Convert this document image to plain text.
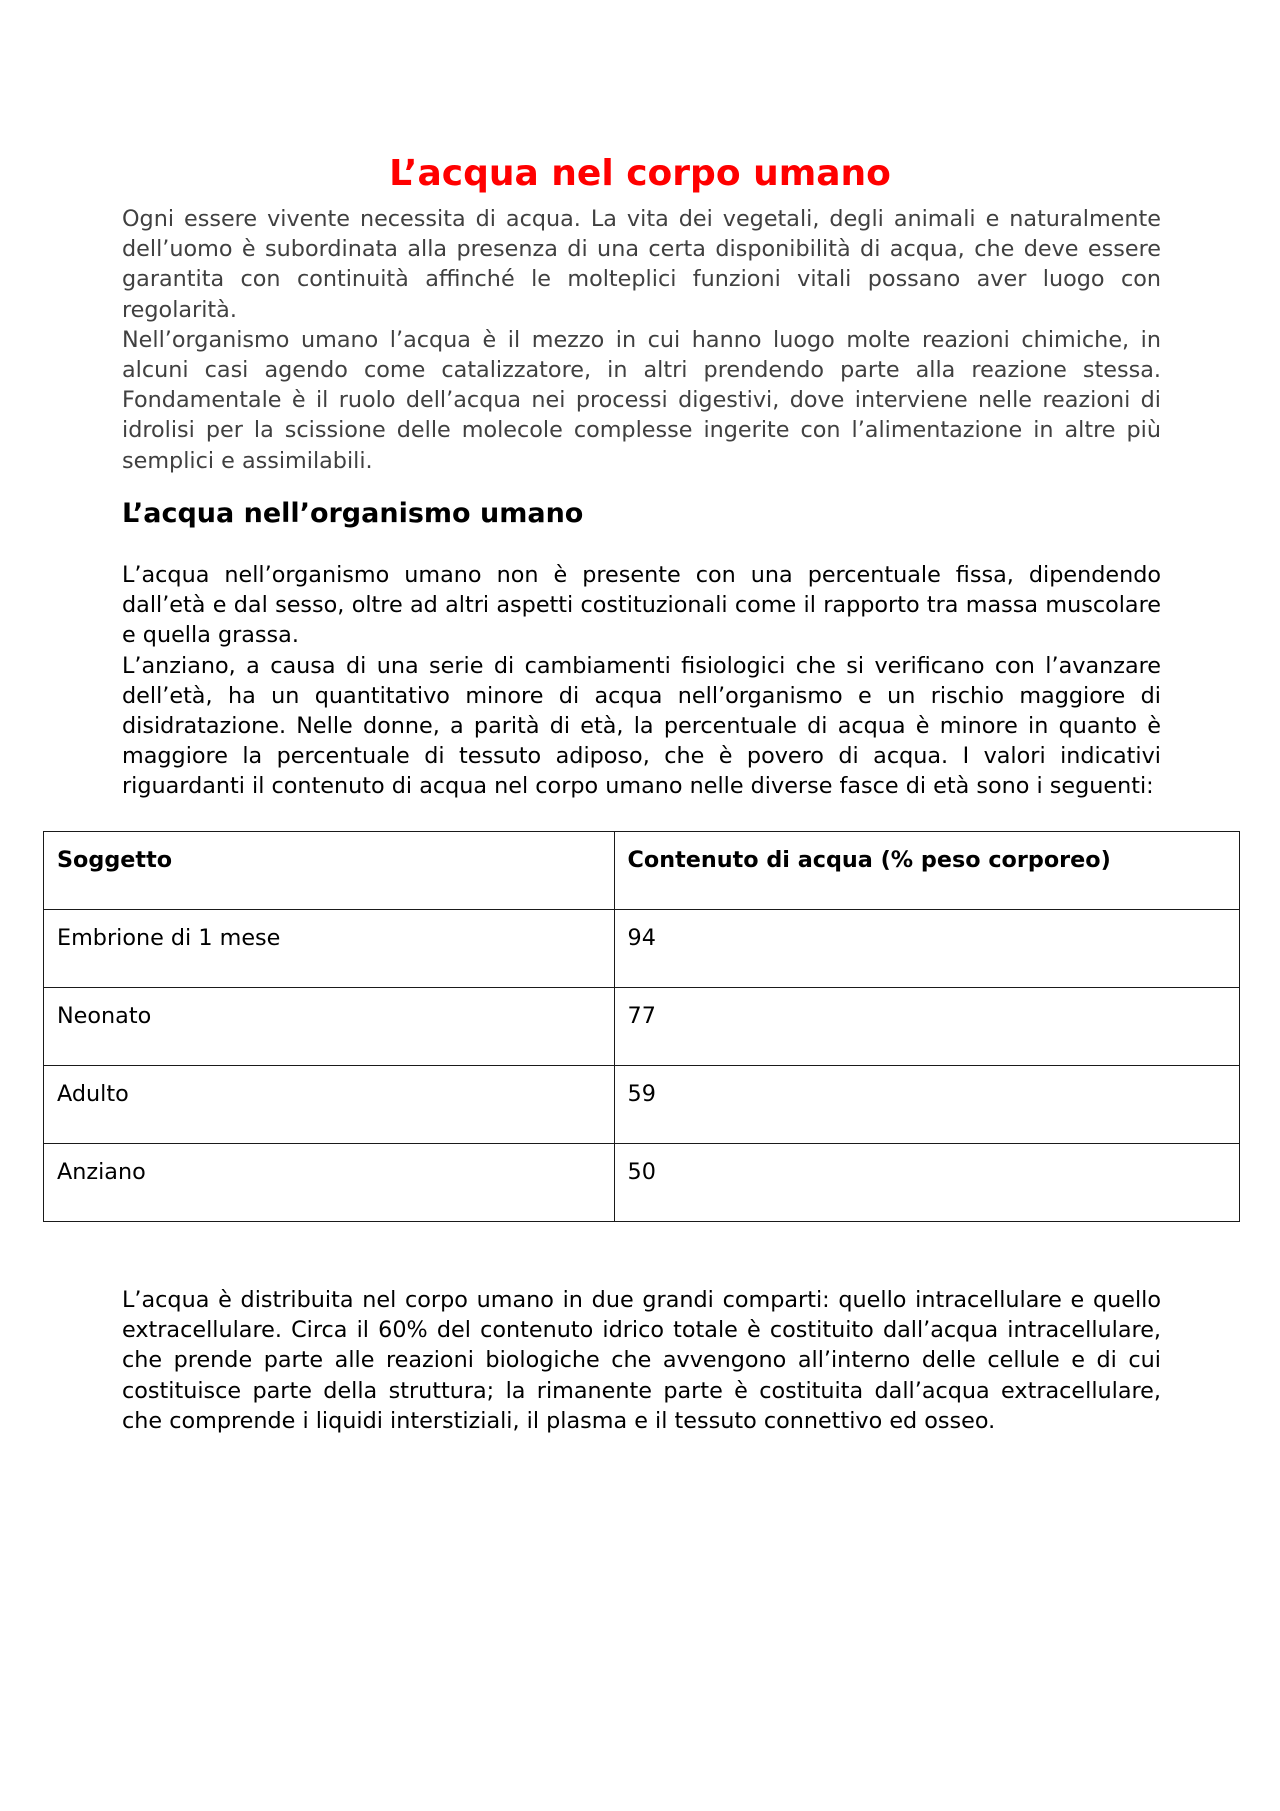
L’acqua nel corpo umano

Ogni essere vivente necessita di acqua. La vita dei vegetali, degli animali e naturalmente dell’uomo è subordinata alla presenza di una certa disponibilità di acqua, che deve essere garantita con continuità affinché le molteplici funzioni vitali possano aver luogo con regolarità.

Nell’organismo umano l’acqua è il mezzo in cui hanno luogo molte reazioni chimiche, in alcuni casi agendo come catalizzatore, in altri prendendo parte alla reazione stessa. Fondamentale è il ruolo dell’acqua nei processi digestivi, dove interviene nelle reazioni di idrolisi per la scissione delle molecole complesse ingerite con l’alimentazione in altre più semplici e assimilabili.

L’acqua nell’organismo umano

L’acqua nell’organismo umano non è presente con una percentuale fissa, dipendendo dall’età e dal sesso, oltre ad altri aspetti costituzionali come il rapporto tra massa muscolare e quella grassa.

L’anziano, a causa di una serie di cambiamenti fisiologici che si verificano con l’avanzare dell’età, ha un quantitativo minore di acqua nell’organismo e un rischio maggiore di disidratazione. Nelle donne, a parità di età, la percentuale di acqua è minore in quanto è maggiore la percentuale di tessuto adiposo, che è povero di acqua. I valori indicativi riguardanti il contenuto di acqua nel corpo umano nelle diverse fasce di età sono i seguenti:

Soggetto	Contenuto di acqua (% peso corporeo)
Embrione di 1 mese	94
Neonato	77
Adulto	59
Anziano	50

L’acqua è distribuita nel corpo umano in due grandi comparti: quello intracellulare e quello extracellulare. Circa il 60% del contenuto idrico totale è costituito dall’acqua intracellulare, che prende parte alle reazioni biologiche che avvengono all’interno delle cellule e di cui costituisce parte della struttura; la rimanente parte è costituita dall’acqua extracellulare, che comprende i liquidi interstiziali, il plasma e il tessuto connettivo ed osseo.
